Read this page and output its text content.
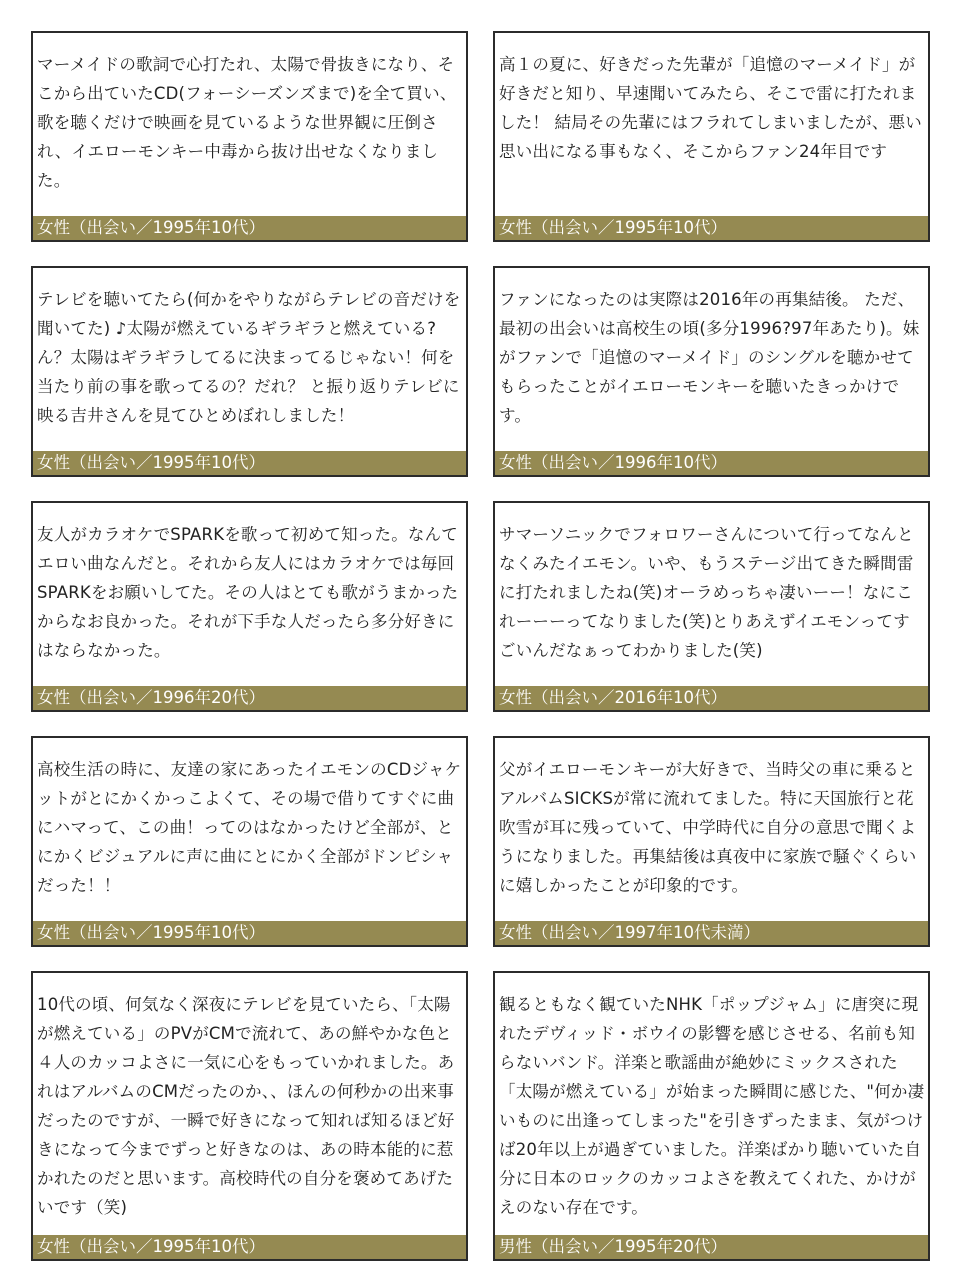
マーメイドの歌詞で心打たれ、太陽で骨抜きになり、そこから出ていたCD(フォーシーズンズまで)を全て買い、歌を聴くだけで映画を見ているような世界観に圧倒され、イエローモンキー中毒から抜け出せなくなりました。
女性（出会い／1995年10代）
高１の夏に、好きだった先輩が「追憶のマーメイド」が好きだと知り、早速聞いてみたら、そこで雷に打たれました！ 結局その先輩にはフラれてしまいましたが、悪い思い出になる事もなく、そこからファン24年目です
女性（出会い／1995年10代）
テレビを聴いてたら(何かをやりながらテレビの音だけを聞いてた) ♪太陽が燃えているギラギラと燃えている? ん？太陽はギラギラしてるに決まってるじゃない！何を当たり前の事を歌ってるの？だれ？ と振り返りテレビに映る吉井さんを見てひとめぼれしました！
女性（出会い／1995年10代）
ファンになったのは実際は2016年の再集結後。 ただ、最初の出会いは高校生の頃(多分1996?97年あたり)。妹がファンで「追憶のマーメイド」のシングルを聴かせてもらったことがイエローモンキーを聴いたきっかけです。
女性（出会い／1996年10代）
友人がカラオケでSPARKを歌って初めて知った。なんてエロい曲なんだと。それから友人にはカラオケでは毎回SPARKをお願いしてた。その人はとても歌がうまかったからなお良かった。それが下手な人だったら多分好きにはならなかった。
女性（出会い／1996年20代）
サマーソニックでフォロワーさんについて行ってなんとなくみたイエモン。いや、もうステージ出てきた瞬間雷に打たれましたね(笑)オーラめっちゃ凄いーー！なにこれーーーってなりました(笑)とりあえずイエモンってすごいんだなぁってわかりました(笑)
女性（出会い／2016年10代）
高校生活の時に、友達の家にあったイエモンのCDジャケットがとにかくかっこよくて、その場で借りてすぐに曲にハマって、この曲！ってのはなかったけど全部が、とにかくビジュアルに声に曲にとにかく全部がドンピシャだった！！
女性（出会い／1995年10代）
父がイエローモンキーが大好きで、当時父の車に乗るとアルバムSICKSが常に流れてました。特に天国旅行と花吹雪が耳に残っていて、中学時代に自分の意思で聞くようになりました。再集結後は真夜中に家族で騒ぐくらいに嬉しかったことが印象的です。
女性（出会い／1997年10代未満）
10代の頃、何気なく深夜にテレビを見ていたら、「太陽が燃えている」のPVがCMで流れて、あの鮮やかな色と４人のカッコよさに一気に心をもっていかれました。あれはアルバムのCMだったのか、、ほんの何秒かの出来事だったのですが、一瞬で好きになって知れば知るほど好きになって今までずっと好きなのは、あの時本能的に惹かれたのだと思います。高校時代の自分を褒めてあげたいです（笑)
女性（出会い／1995年10代）
観るともなく観ていたNHK「ポップジャム」に唐突に現れたデヴィッド・ボウイの影響を感じさせる、名前も知らないバンド。洋楽と歌謡曲が絶妙にミックスされた「太陽が燃えている」が始まった瞬間に感じた、"何か凄いものに出逢ってしまった"を引きずったまま、気がつけば20年以上が過ぎていました。洋楽ばかり聴いていた自分に日本のロックのカッコよさを教えてくれた、かけがえのない存在です。
男性（出会い／1995年20代）
